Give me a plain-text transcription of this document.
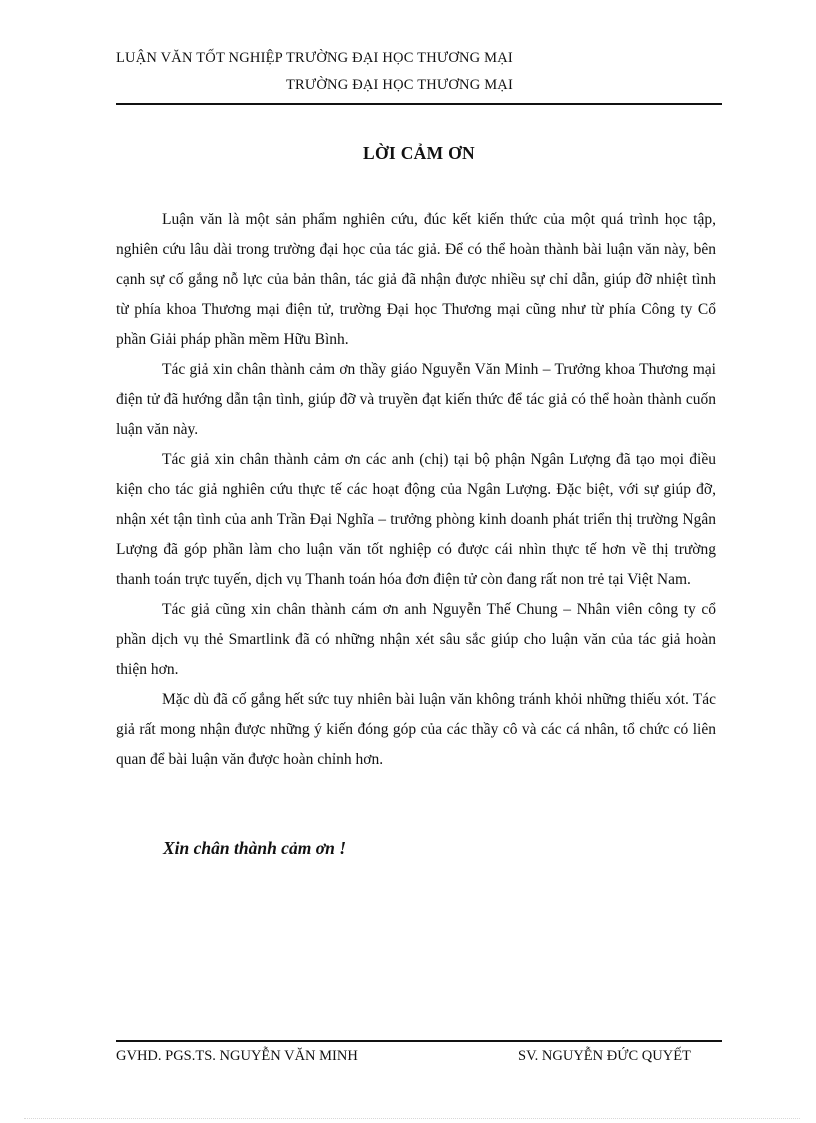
LUẬN VĂN TỐT NGHIỆP TRƯỜNG ĐẠI HỌC THƯƠNG MẠI
TRƯỜNG ĐẠI HỌC THƯƠNG MẠI
LỜI CẢM ƠN

Luận văn là một sản phẩm nghiên cứu, đúc kết kiến thức của một quá trình học tập, nghiên cứu lâu dài trong trường đại học của tác giả. Để có thể hoàn thành bài luận văn này, bên cạnh sự cố gắng nỗ lực của bản thân, tác giả đã nhận được nhiều sự chỉ dẫn, giúp đỡ nhiệt tình từ phía khoa Thương mại điện tử, trường Đại học Thương mại cũng như từ phía Công ty Cổ phần Giải pháp phần mềm Hữu Bình.

Tác giả xin chân thành cảm ơn thầy giáo Nguyễn Văn Minh – Trưởng khoa Thương mại điện tử đã hướng dẫn tận tình, giúp đỡ và truyền đạt kiến thức để tác giả có thể hoàn thành cuốn luận văn này.

Tác giả xin chân thành cảm ơn các anh (chị) tại bộ phận Ngân Lượng đã tạo mọi điều kiện cho tác giả nghiên cứu thực tế các hoạt động của Ngân Lượng. Đặc biệt, với sự giúp đỡ, nhận xét tận tình của anh Trần Đại Nghĩa – trưởng phòng kinh doanh phát triển thị trường Ngân Lượng đã góp phần làm cho luận văn tốt nghiệp có được cái nhìn thực tế hơn về thị trường thanh toán trực tuyến, dịch vụ Thanh toán hóa đơn điện tử còn đang rất non trẻ tại Việt Nam.

Tác giả cũng xin chân thành cám ơn anh Nguyễn Thế Chung – Nhân viên công ty cổ phần dịch vụ thẻ Smartlink đã có những nhận xét sâu sắc giúp cho luận văn của tác giả hoàn thiện hơn.

Mặc dù đã cố gắng hết sức tuy nhiên bài luận văn không tránh khỏi những thiếu xót. Tác giả rất mong nhận được những ý kiến đóng góp của các thầy cô và các cá nhân, tổ chức có liên quan để bài luận văn được hoàn chỉnh hơn.

Xin chân thành cảm ơn !
GVHD. PGS.TS. NGUYỄN VĂN MINH	SV. NGUYỄN ĐỨC QUYẾT
